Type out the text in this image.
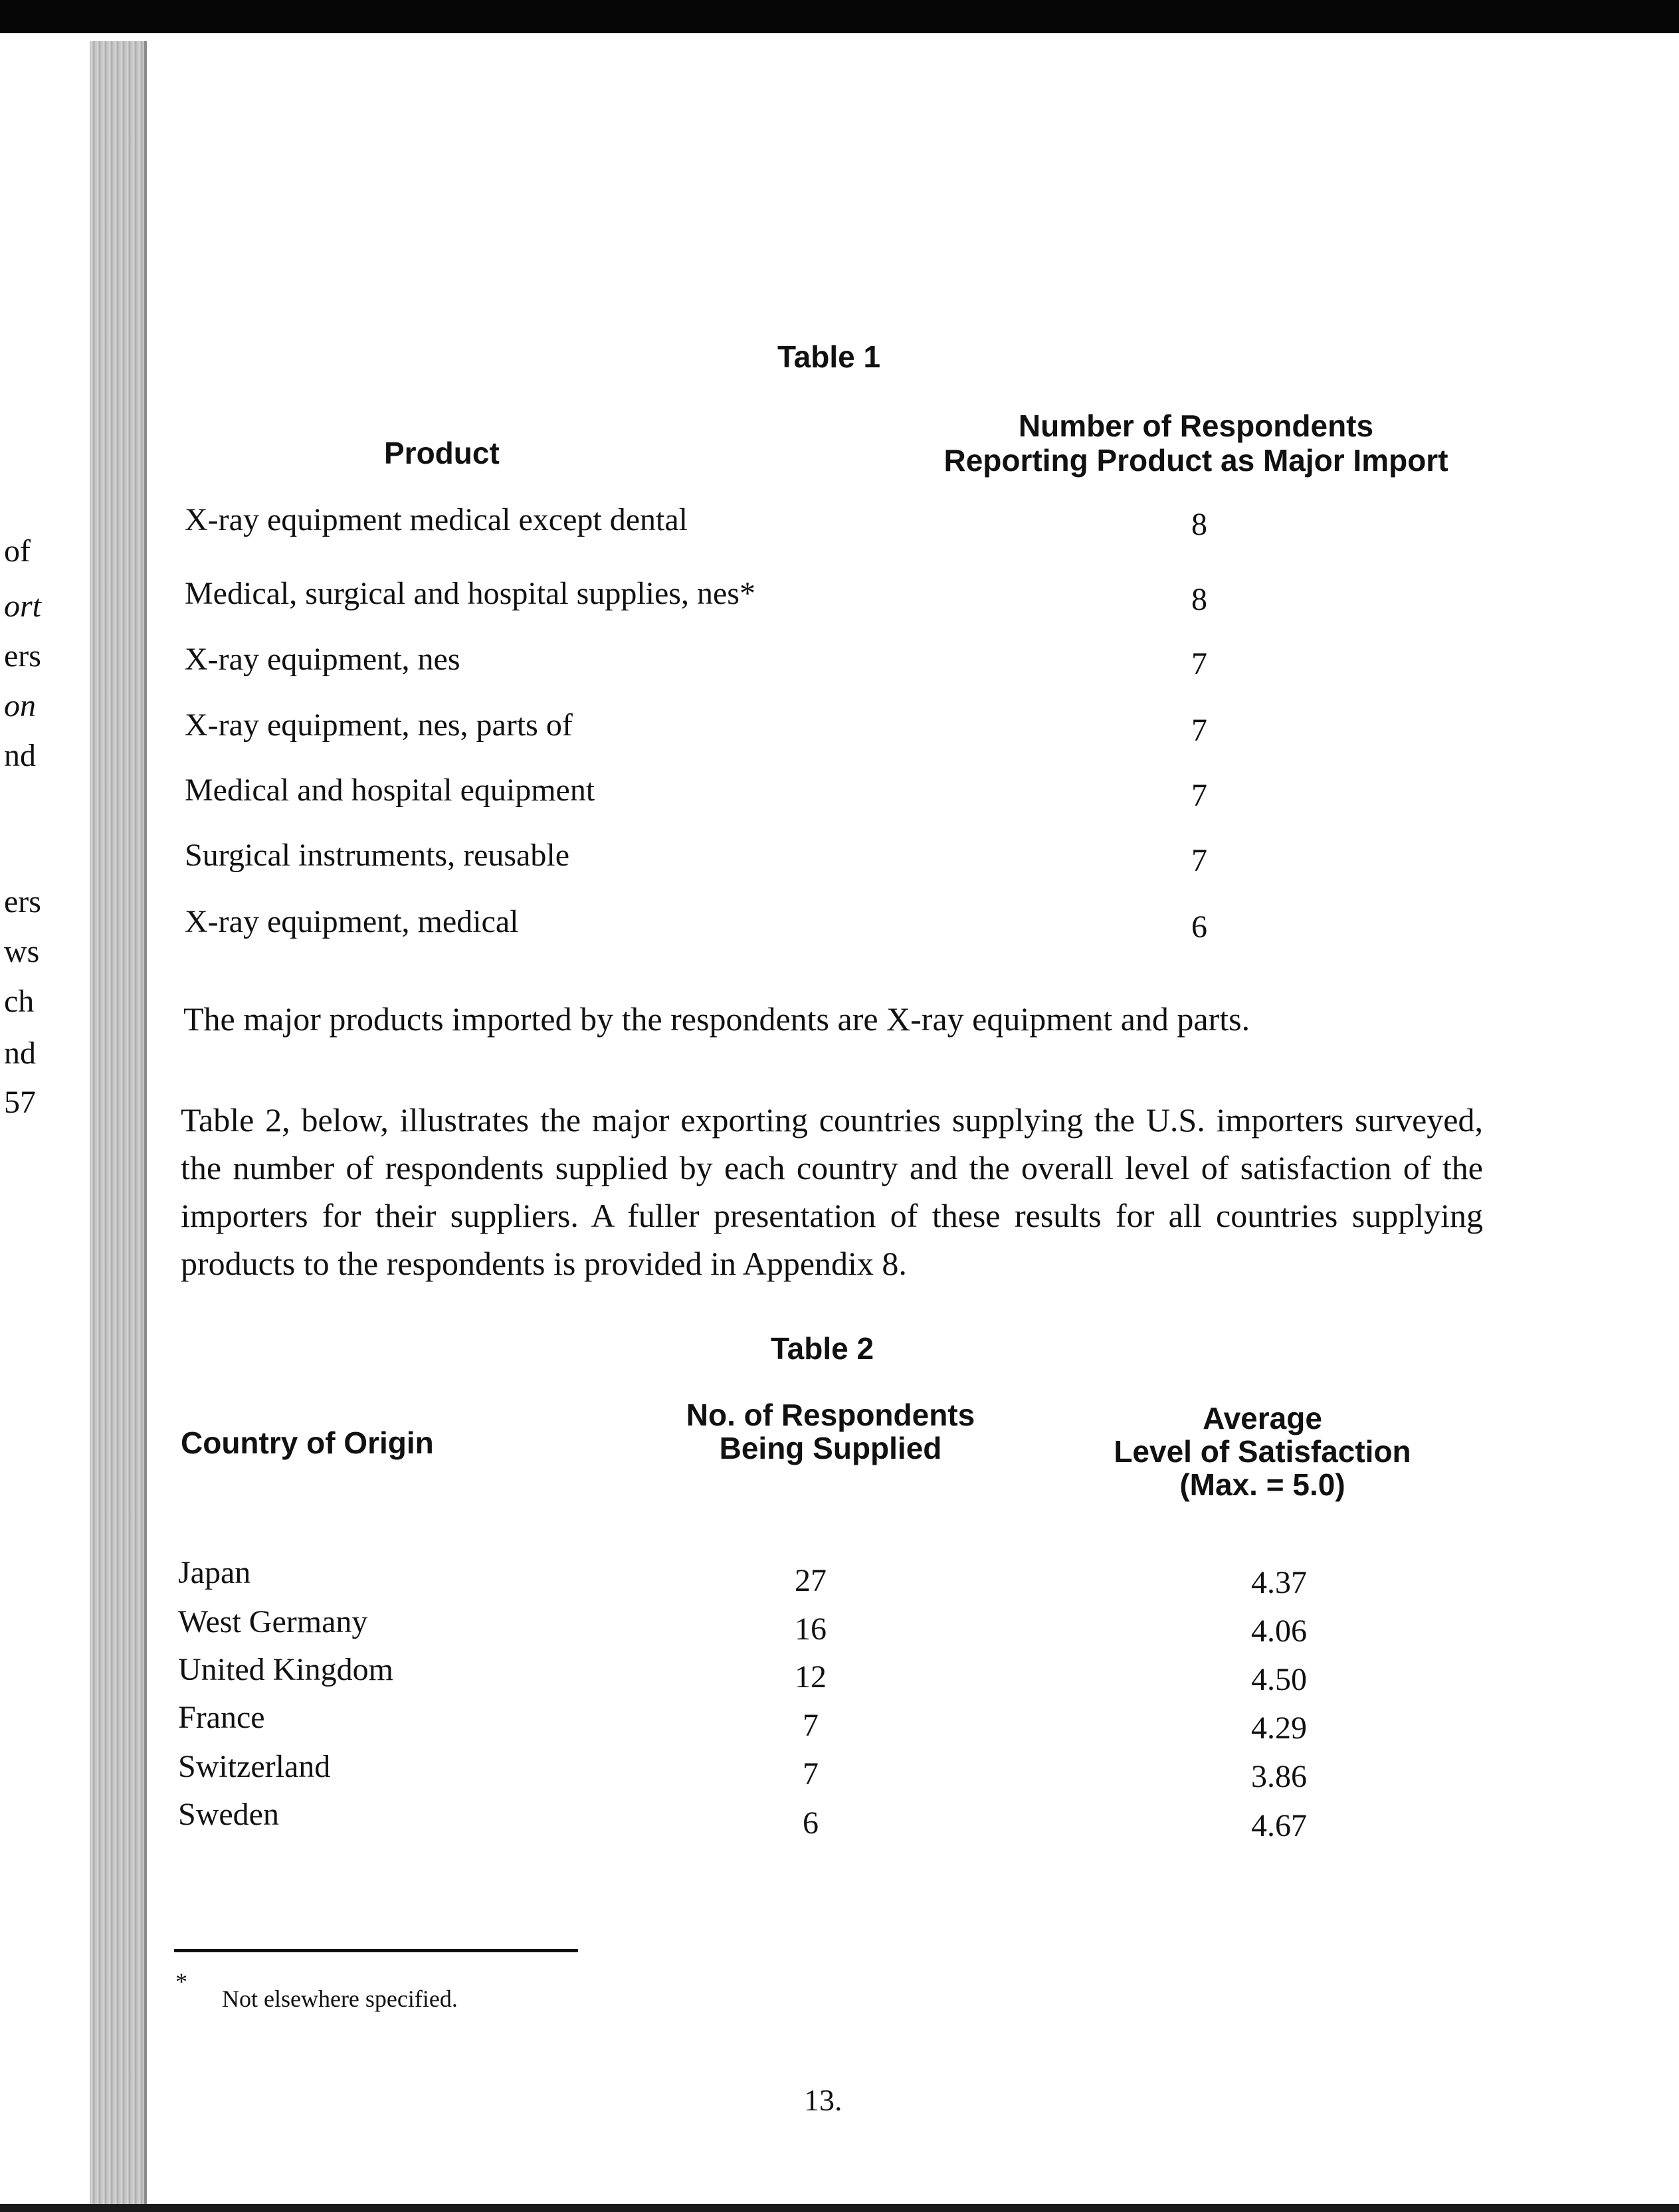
of
ort
ers
on
nd
ers
ws
ch
nd
57
Table 1
Product
Number of Respondents
Reporting Product as Major Import
X-ray equipment medical except dental	8
Medical, surgical and hospital supplies, nes*	8
X-ray equipment, nes	7
X-ray equipment, nes, parts of	7
Medical and hospital equipment	7
Surgical instruments, reusable	7
X-ray equipment, medical	6
The major products imported by the respondents are X-ray equipment and parts.
Table 2, below, illustrates the major exporting countries supplying the U.S. importers surveyed, the number of respondents supplied by each country and the overall level of satisfaction of the importers for their suppliers. A fuller presentation of these results for all countries supplying products to the respondents is provided in Appendix 8.
Table 2
Country of Origin
No. of Respondents
Being Supplied
Average
Level of Satisfaction
(Max. = 5.0)
Japan	27	4.37
West Germany	16	4.06
United Kingdom	12	4.50
France	7	4.29
Switzerland	7	3.86
Sweden	6	4.67
*
Not elsewhere specified.
13.
